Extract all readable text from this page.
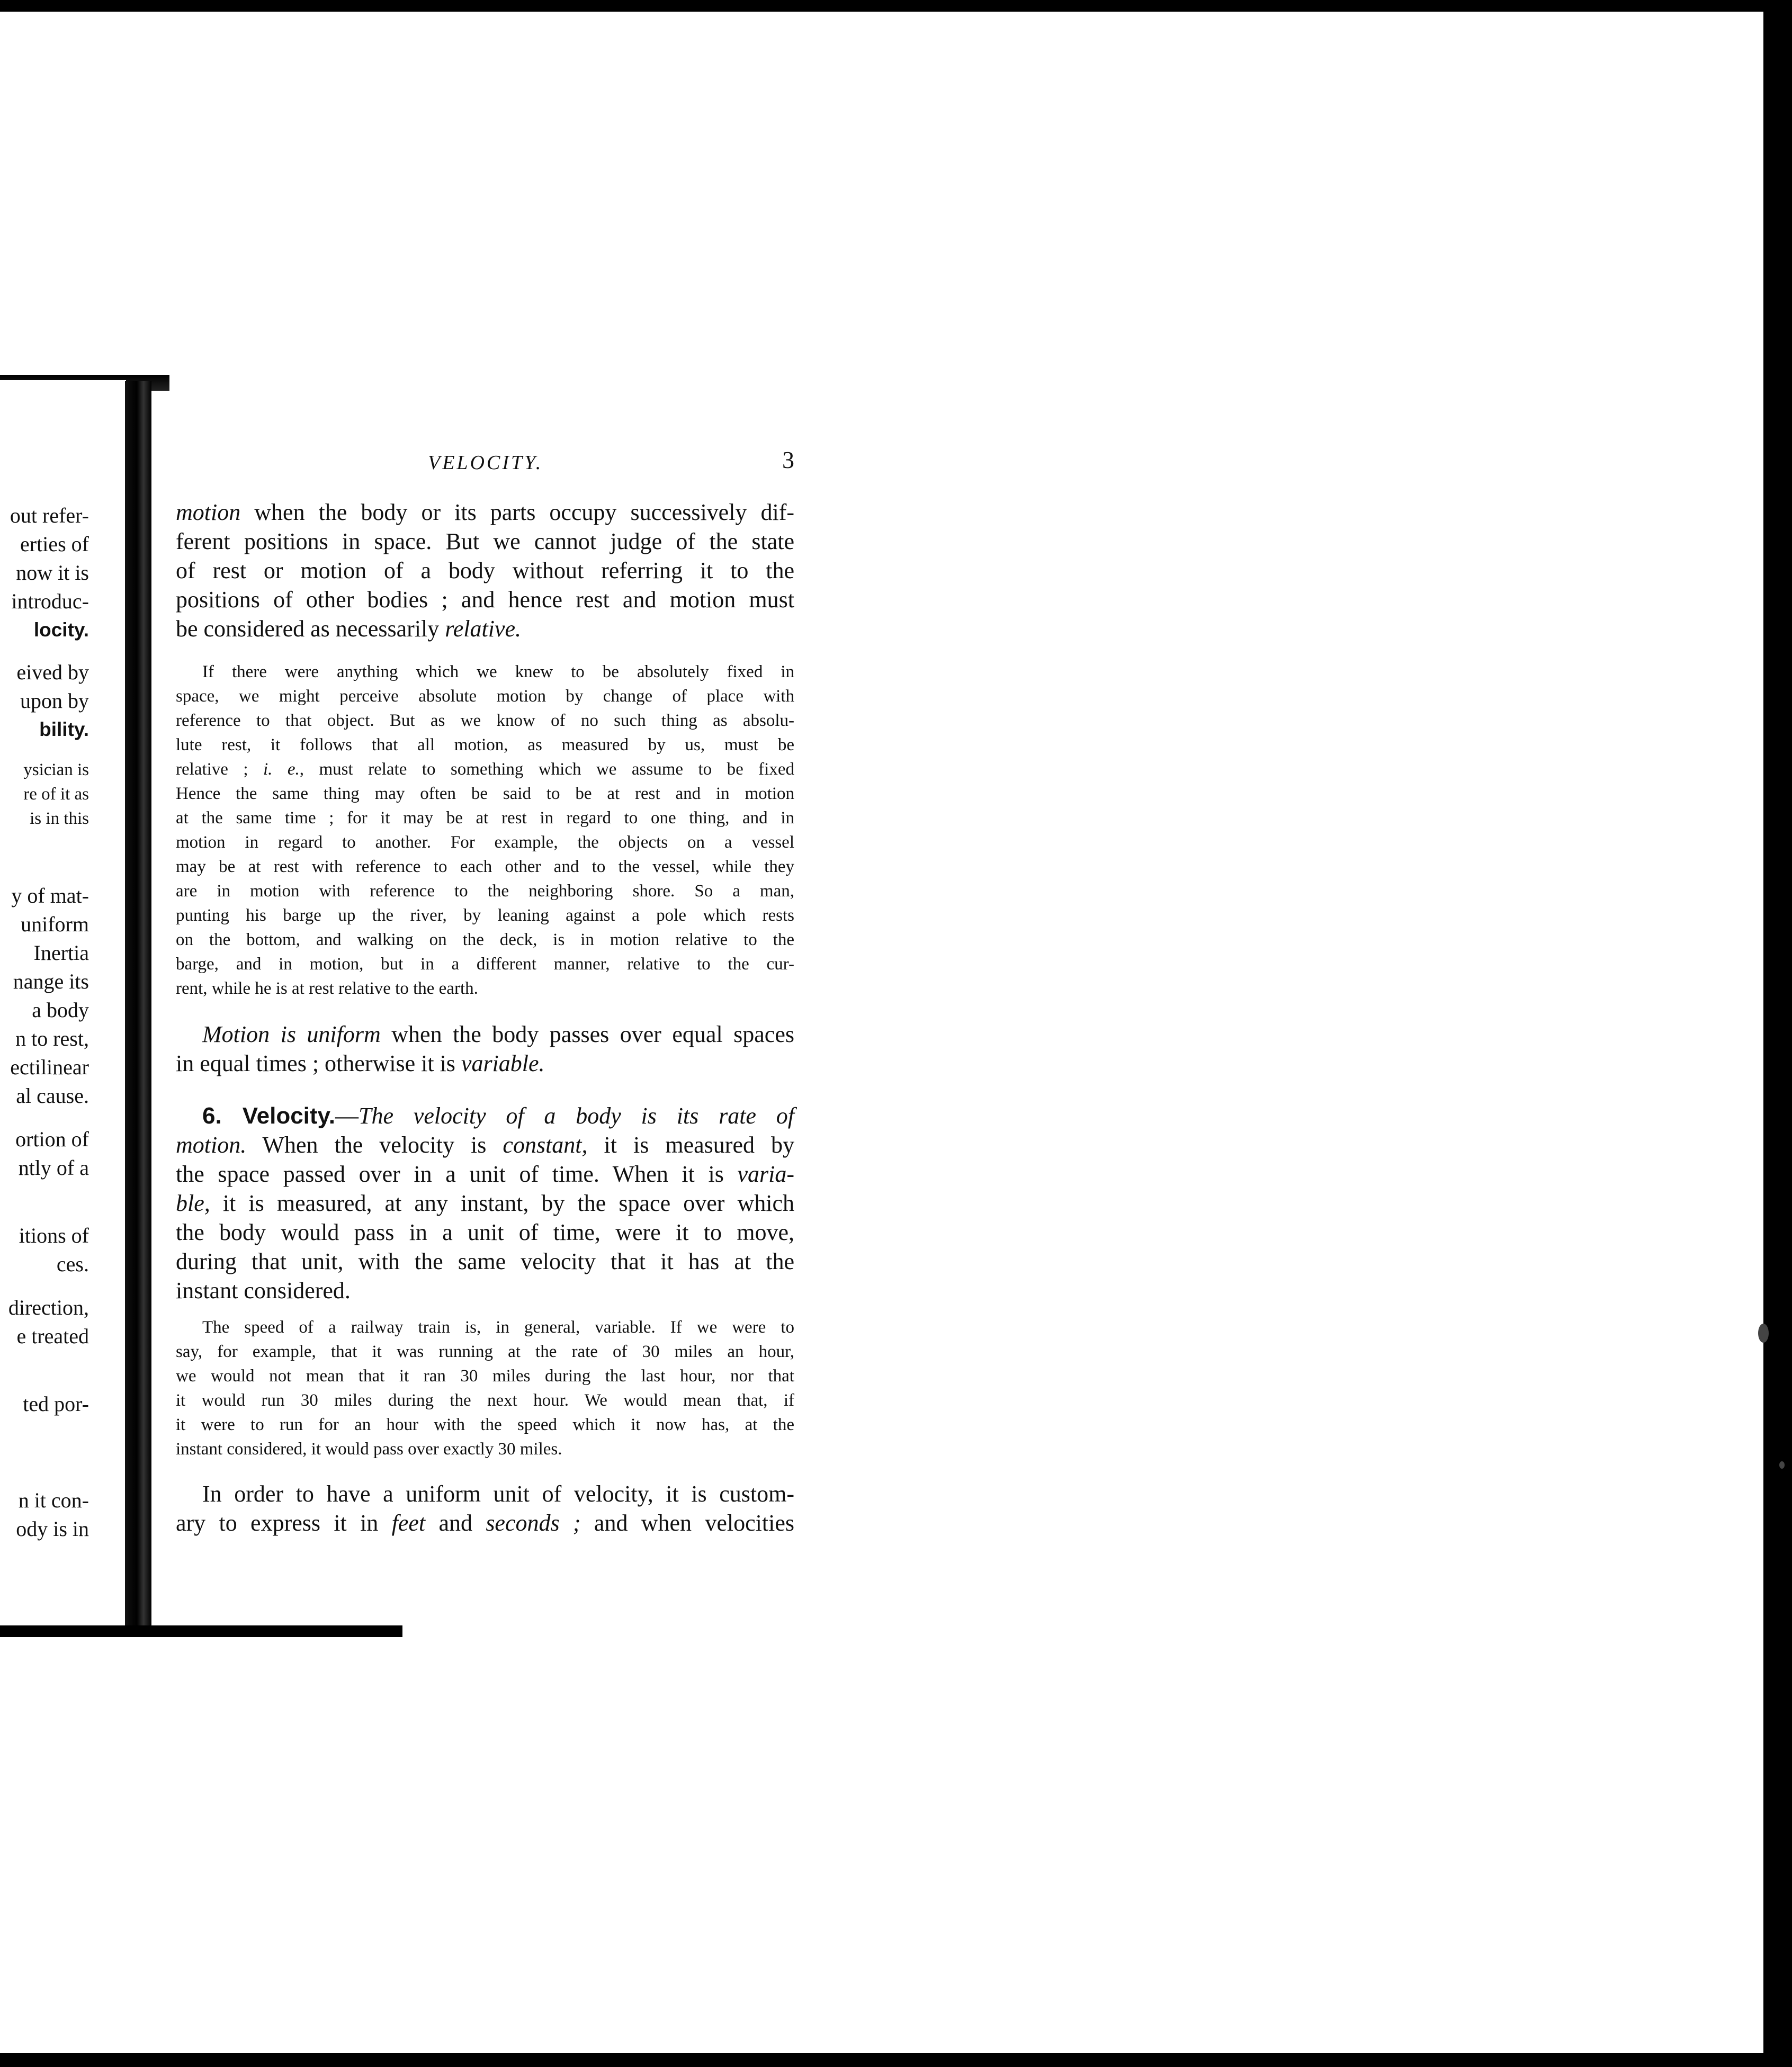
out refer-
erties of
now it is
introduc-
locity.
eived by
upon by
bility.
ysician is
re of it as
is in this
y of mat-
uniform
Inertia
nange its
a body
n to rest,
ectilinear
al cause.
ortion of
ntly of a
itions of
ces.
direction,
e treated
ted por-
n it con-
ody is in
VELOCITY.	3
motion when the body or its parts occupy successively dif-
ferent positions in space. But we cannot judge of the state
of rest or motion of a body without referring it to the
positions of other bodies ; and hence rest and motion must
be considered as necessarily relative.
If there were anything which we knew to be absolutely fixed in
space, we might perceive absolute motion by change of place with
reference to that object. But as we know of no such thing as absolu-
lute rest, it follows that all motion, as measured by us, must be
relative ; i. e., must relate to something which we assume to be fixed
Hence the same thing may often be said to be at rest and in motion
at the same time ; for it may be at rest in regard to one thing, and in
motion in regard to another. For example, the objects on a vessel
may be at rest with reference to each other and to the vessel, while they
are in motion with reference to the neighboring shore. So a man,
punting his barge up the river, by leaning against a pole which rests
on the bottom, and walking on the deck, is in motion relative to the
barge, and in motion, but in a different manner, relative to the cur-
rent, while he is at rest relative to the earth.
Motion is uniform when the body passes over equal spaces
in equal times ; otherwise it is variable.
6. Velocity.—The velocity of a body is its rate of
motion. When the velocity is constant, it is measured by
the space passed over in a unit of time. When it is varia-
ble, it is measured, at any instant, by the space over which
the body would pass in a unit of time, were it to move,
during that unit, with the same velocity that it has at the
instant considered.
The speed of a railway train is, in general, variable. If we were to
say, for example, that it was running at the rate of 30 miles an hour,
we would not mean that it ran 30 miles during the last hour, nor that
it would run 30 miles during the next hour. We would mean that, if
it were to run for an hour with the speed which it now has, at the
instant considered, it would pass over exactly 30 miles.
In order to have a uniform unit of velocity, it is custom-
ary to express it in feet and seconds ; and when velocities
